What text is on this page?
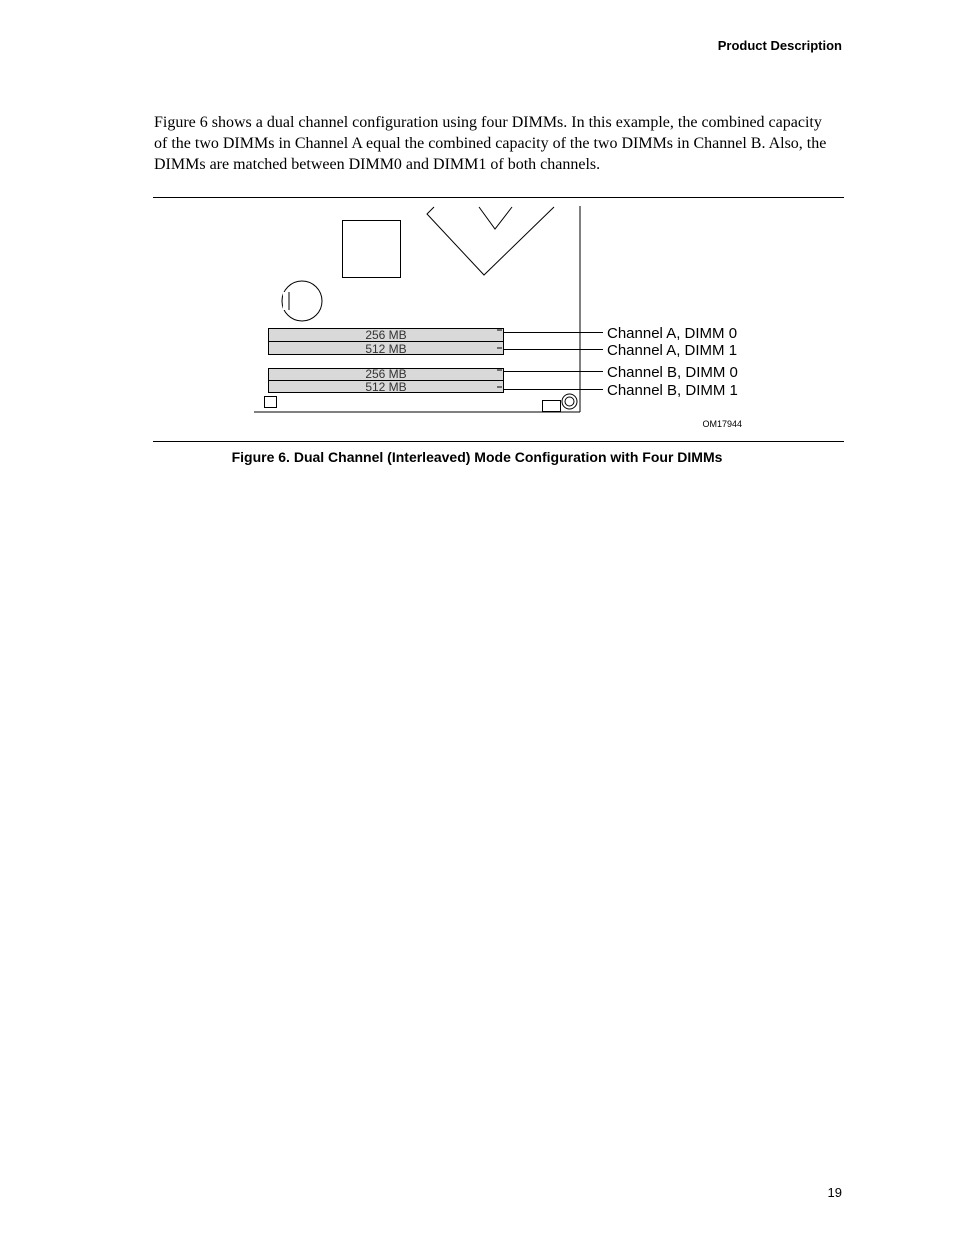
Product Description
Figure 6 shows a dual channel configuration using four DIMMs. In this example, the combined capacity of the two DIMMs in Channel A equal the combined capacity of the two DIMMs in Channel B. Also, the DIMMs are matched between DIMM0 and DIMM1 of both channels.
256 MB
512 MB
256 MB
512 MB
Channel A, DIMM 0
Channel A, DIMM 1
Channel B, DIMM 0
Channel B, DIMM 1
OM17944
Figure 6. Dual Channel (Interleaved) Mode Configuration with Four DIMMs
19
